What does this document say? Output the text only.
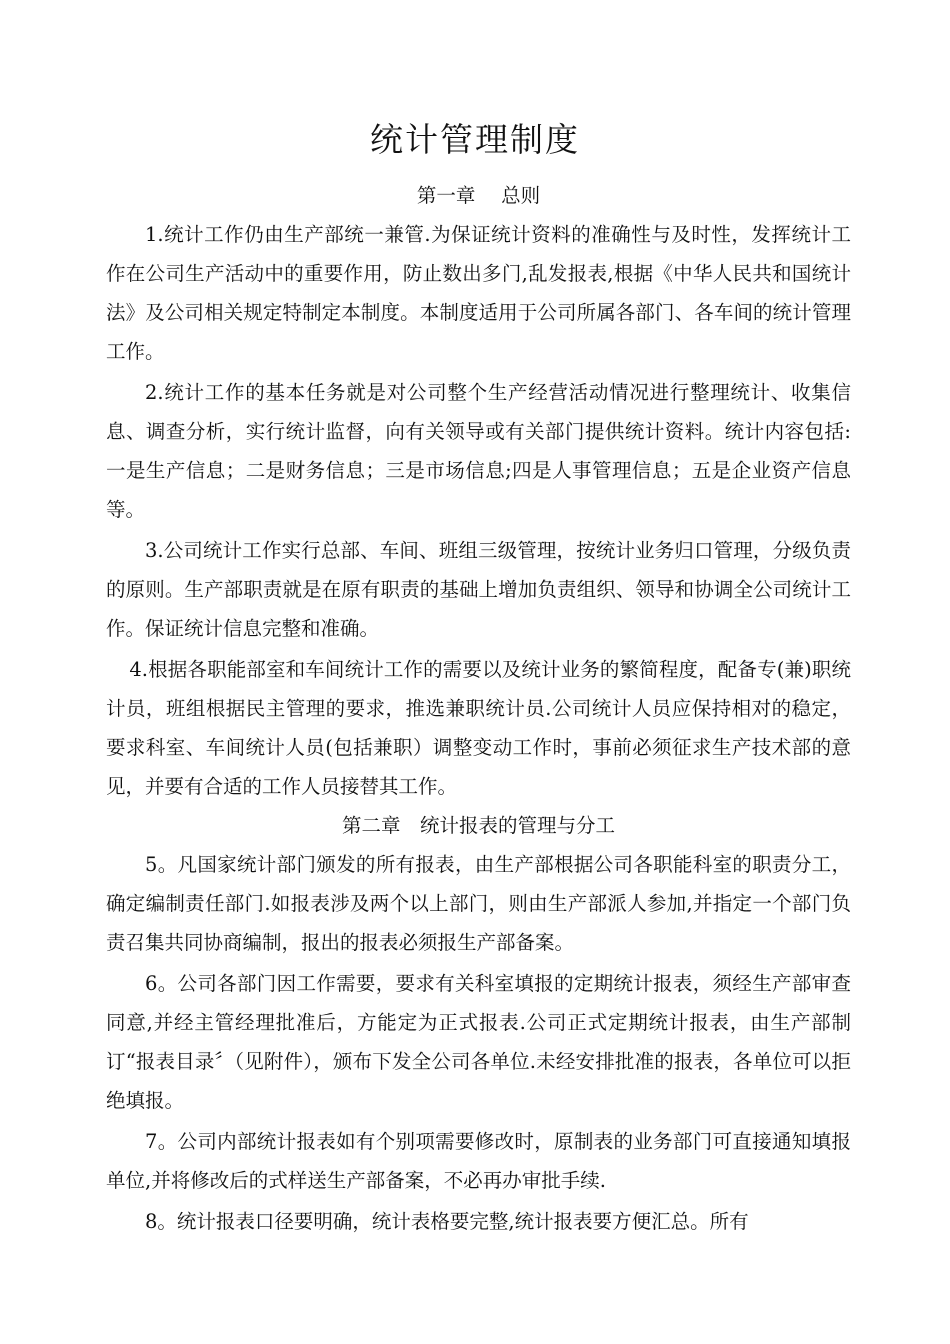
统计管理制度
第一章　 总则

1.统计工作仍由生产部统一兼管.为保证统计资料的准确性与及时性，发挥统计工作在公司生产活动中的重要作用，防止数出多门,乱发报表,根据《中华人民共和国统计法》及公司相关规定特制定本制度。本制度适用于公司所属各部门、各车间的统计管理工作。

2.统计工作的基本任务就是对公司整个生产经营活动情况进行整理统计、收集信息、调查分析，实行统计监督，向有关领导或有关部门提供统计资料。统计内容包括:一是生产信息；二是财务信息；三是市场信息;四是人事管理信息；五是企业资产信息等。

3.公司统计工作实行总部、车间、班组三级管理，按统计业务归口管理，分级负责的原则。生产部职责就是在原有职责的基础上增加负责组织、领导和协调全公司统计工作。保证统计信息完整和准确。

4.根据各职能部室和车间统计工作的需要以及统计业务的繁简程度，配备专(兼)职统计员，班组根据民主管理的要求，推选兼职统计员.公司统计人员应保持相对的稳定，要求科室、车间统计人员(包括兼职）调整变动工作时，事前必须征求生产技术部的意见，并要有合适的工作人员接替其工作。

第二章　统计报表的管理与分工

5。凡国家统计部门颁发的所有报表，由生产部根据公司各职能科室的职责分工，确定编制责任部门.如报表涉及两个以上部门，则由生产部派人参加,并指定一个部门负责召集共同协商编制，报出的报表必须报生产部备案。

6。公司各部门因工作需要，要求有关科室填报的定期统计报表，须经生产部审查同意,并经主管经理批准后，方能定为正式报表.公司正式定期统计报表，由生产部制订“报表目录〞（见附件），颁布下发全公司各单位.未经安排批准的报表，各单位可以拒绝填报。

7。公司内部统计报表如有个别项需要修改时，原制表的业务部门可直接通知填报单位,并将修改后的式样送生产部备案，不必再办审批手续.

8。统计报表口径要明确，统计表格要完整,统计报表要方便汇总。所有
